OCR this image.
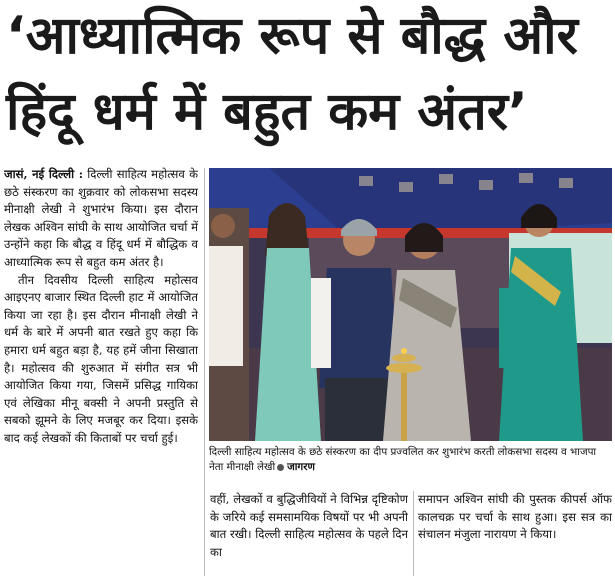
‘आध्यात्मिक रूप से बौद्ध और
हिंदू धर्म में बहुत कम अंतर’

जासं, नई दिल्ली : दिल्ली साहित्य महोत्सव के छठे संस्करण का शुक्रवार को लोकसभा सदस्य मीनाक्षी लेखी ने शुभारंभ किया। इस दौरान लेखक अश्विन सांघी के साथ आयोजित चर्चा में उन्होंने कहा कि बौद्ध व हिंदू धर्म में बौद्धिक व आध्यात्मिक रूप से बहुत कम अंतर है।

तीन दिवसीय दिल्ली साहित्य महोत्सव आइएनए बाजार स्थित दिल्ली हाट में आयोजित किया जा रहा है। इस दौरान मीनाक्षी लेखी ने धर्म के बारे में अपनी बात रखते हुए कहा कि हमारा धर्म बहुत बड़ा है, यह हमें जीना सिखाता है। महोत्सव की शुरुआत में संगीत सत्र भी आयोजित किया गया, जिसमें प्रसिद्ध गायिका एवं लेखिका मीनू बक्सी ने अपनी प्रस्तुति से सबको झूमने के लिए मजबूर कर दिया। इसके बाद कई लेखकों की किताबों पर चर्चा हुई।

दिल्ली साहित्य महोत्सव के छठे संस्करण का दीप प्रज्वलित कर शुभारंभ करती लोकसभा सदस्य व भाजपा नेता मीनाक्षी लेखी जागरण

वहीं, लेखकों व बुद्धिजीवियों ने विभिन्न दृष्टिकोण के जरिये कई समसामयिक विषयों पर भी अपनी बात रखी। दिल्ली साहित्य महोत्सव के पहले दिन का

समापन अश्विन सांघी की पुस्तक कीपर्स ऑफ कालचक्र पर चर्चा के साथ हुआ। इस सत्र का संचालन मंजुला नारायण ने किया।
